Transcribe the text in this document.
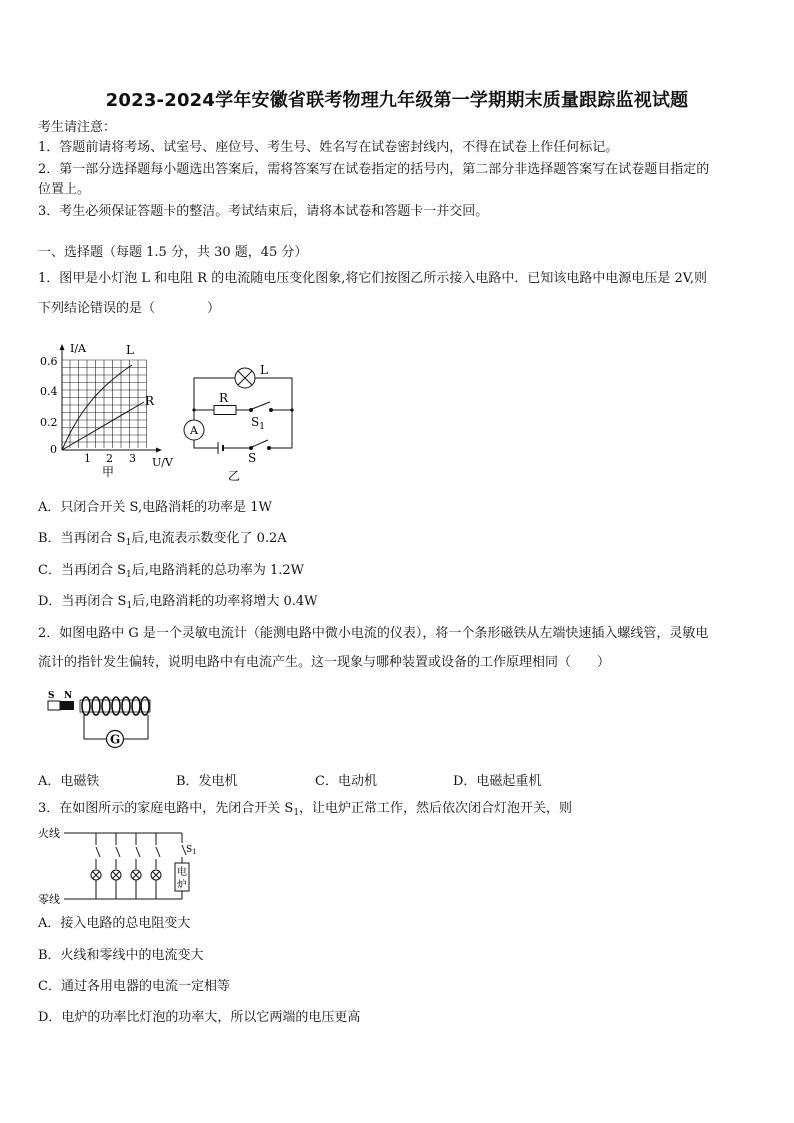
2023-2024学年安徽省联考物理九年级第一学期期末质量跟踪监视试题
考生请注意：
1．答题前请将考场、试室号、座位号、考生号、姓名写在试卷密封线内，不得在试卷上作任何标记。
2．第一部分选择题每小题选出答案后，需将答案写在试卷指定的括号内，第二部分非选择题答案写在试卷题目指定的
位置上。
3．考生必须保证答题卡的整洁。考试结束后，请将本试卷和答题卡一并交回。
一、选择题（每题 1.5 分，共 30 题，45 分）
1．图甲是小灯泡 L 和电阻 R 的电流随电压变化图象,将它们按图乙所示接入电路中．已知该电路中电源电压是 2V,则
下列结论错误的是（　　　　）
I/A	L
R
0.6
0.4
0.2
0
1 2 3 U/V
甲
L
R
$S_1$
A
S
乙
A．只闭合开关 S,电路消耗的功率是 1W
B．当再闭合 $S_1$后,电流表示数变化了 0.2A
C．当再闭合 $S_1$后,电路消耗的总功率为 1.2W
D．当再闭合 $S_1$后,电路消耗的功率将增大 0.4W
2．如图电路中 G 是一个灵敏电流计（能测电路中微小电流的仪表），将一个条形磁铁从左端快速插入螺线管，灵敏电
流计的指针发生偏转，说明电路中有电流产生。这一现象与哪种装置或设备的工作原理相同（　　）
S N
G
A．电磁铁	B．发电机	C．电动机	D．电磁起重机
3．在如图所示的家庭电路中，先闭合开关 $S_1$，让电炉正常工作，然后依次闭合灯泡开关，则
火线
零线
$S_1$
电
炉
A．接入电路的总电阻变大
B．火线和零线中的电流变大
C．通过各用电器的电流一定相等
D．电炉的功率比灯泡的功率大，所以它两端的电压更高
